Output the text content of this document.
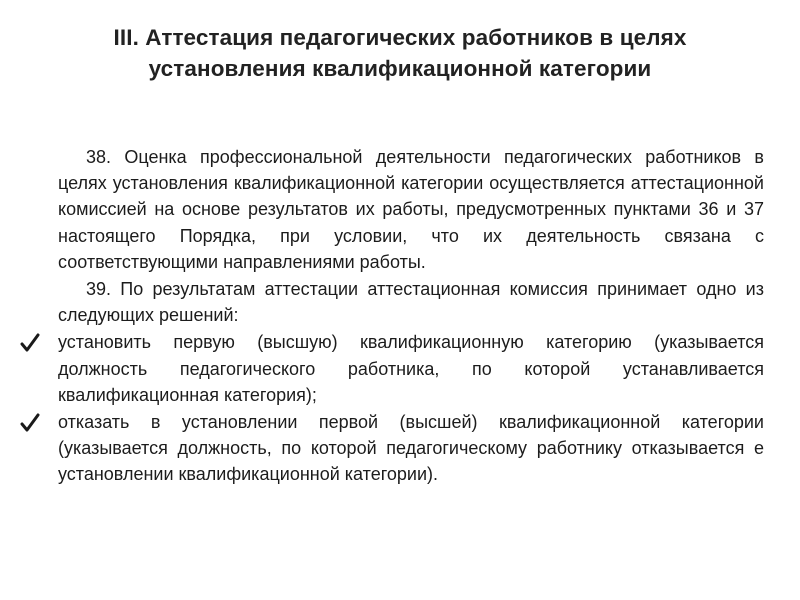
III. Аттестация педагогических работников в целях
установления квалификационной категории

38. Оценка профессиональной деятельности педагогических работников в целях установления квалификационной категории осуществляется аттестационной комиссией на основе результатов их работы, предусмотренных пунктами 36 и 37 настоящего Порядка, при условии, что их деятельность связана с соответствующими направлениями работы.

39. По результатам аттестации аттестационная комиссия принимает одно из следующих решений:

установить первую (высшую) квалификационную категорию (указывается должность педагогического работника, по которой устанавливается квалификационная категория);
отказать в установлении первой (высшей) квалификационной категории (указывается должность, по которой педагогическому работнику отказывается е установлении квалификационной категории).
